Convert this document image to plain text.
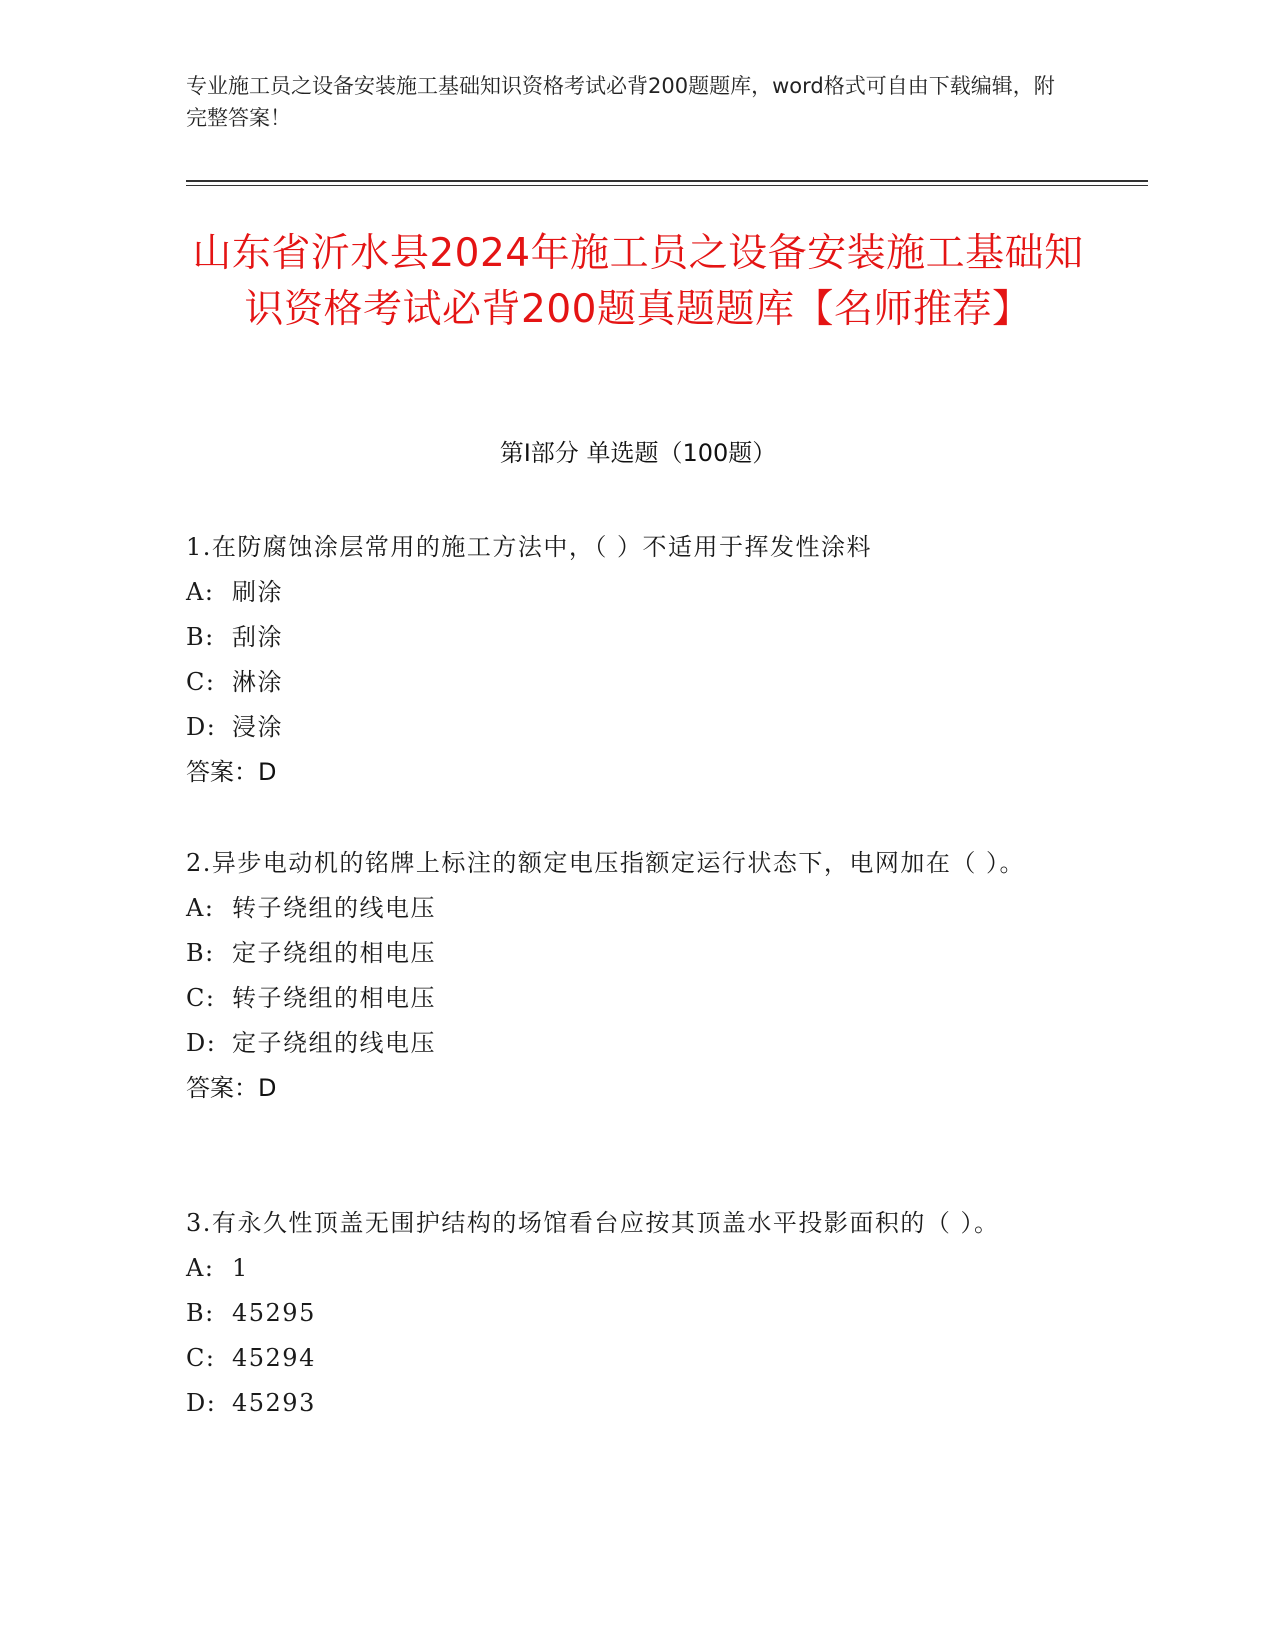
专业施工员之设备安装施工基础知识资格考试必背200题题库，word格式可自由下载编辑，附完整答案！

山东省沂水县2024年施工员之设备安装施工基础知识资格考试必背200题真题题库【名师推荐】
第I部分 单选题（100题）

1.在防腐蚀涂层常用的施工方法中，（ ）不适用于挥发性涂料

A: 刷涂

B: 刮涂

C: 淋涂

D: 浸涂

答案：D

2.异步电动机的铭牌上标注的额定电压指额定运行状态下，电网加在（ ）。

A: 转子绕组的线电压

B: 定子绕组的相电压

C: 转子绕组的相电压

D: 定子绕组的线电压

答案：D

3.有永久性顶盖无围护结构的场馆看台应按其顶盖水平投影面积的（ ）。

A: 1

B: 45295

C: 45294

D: 45293
